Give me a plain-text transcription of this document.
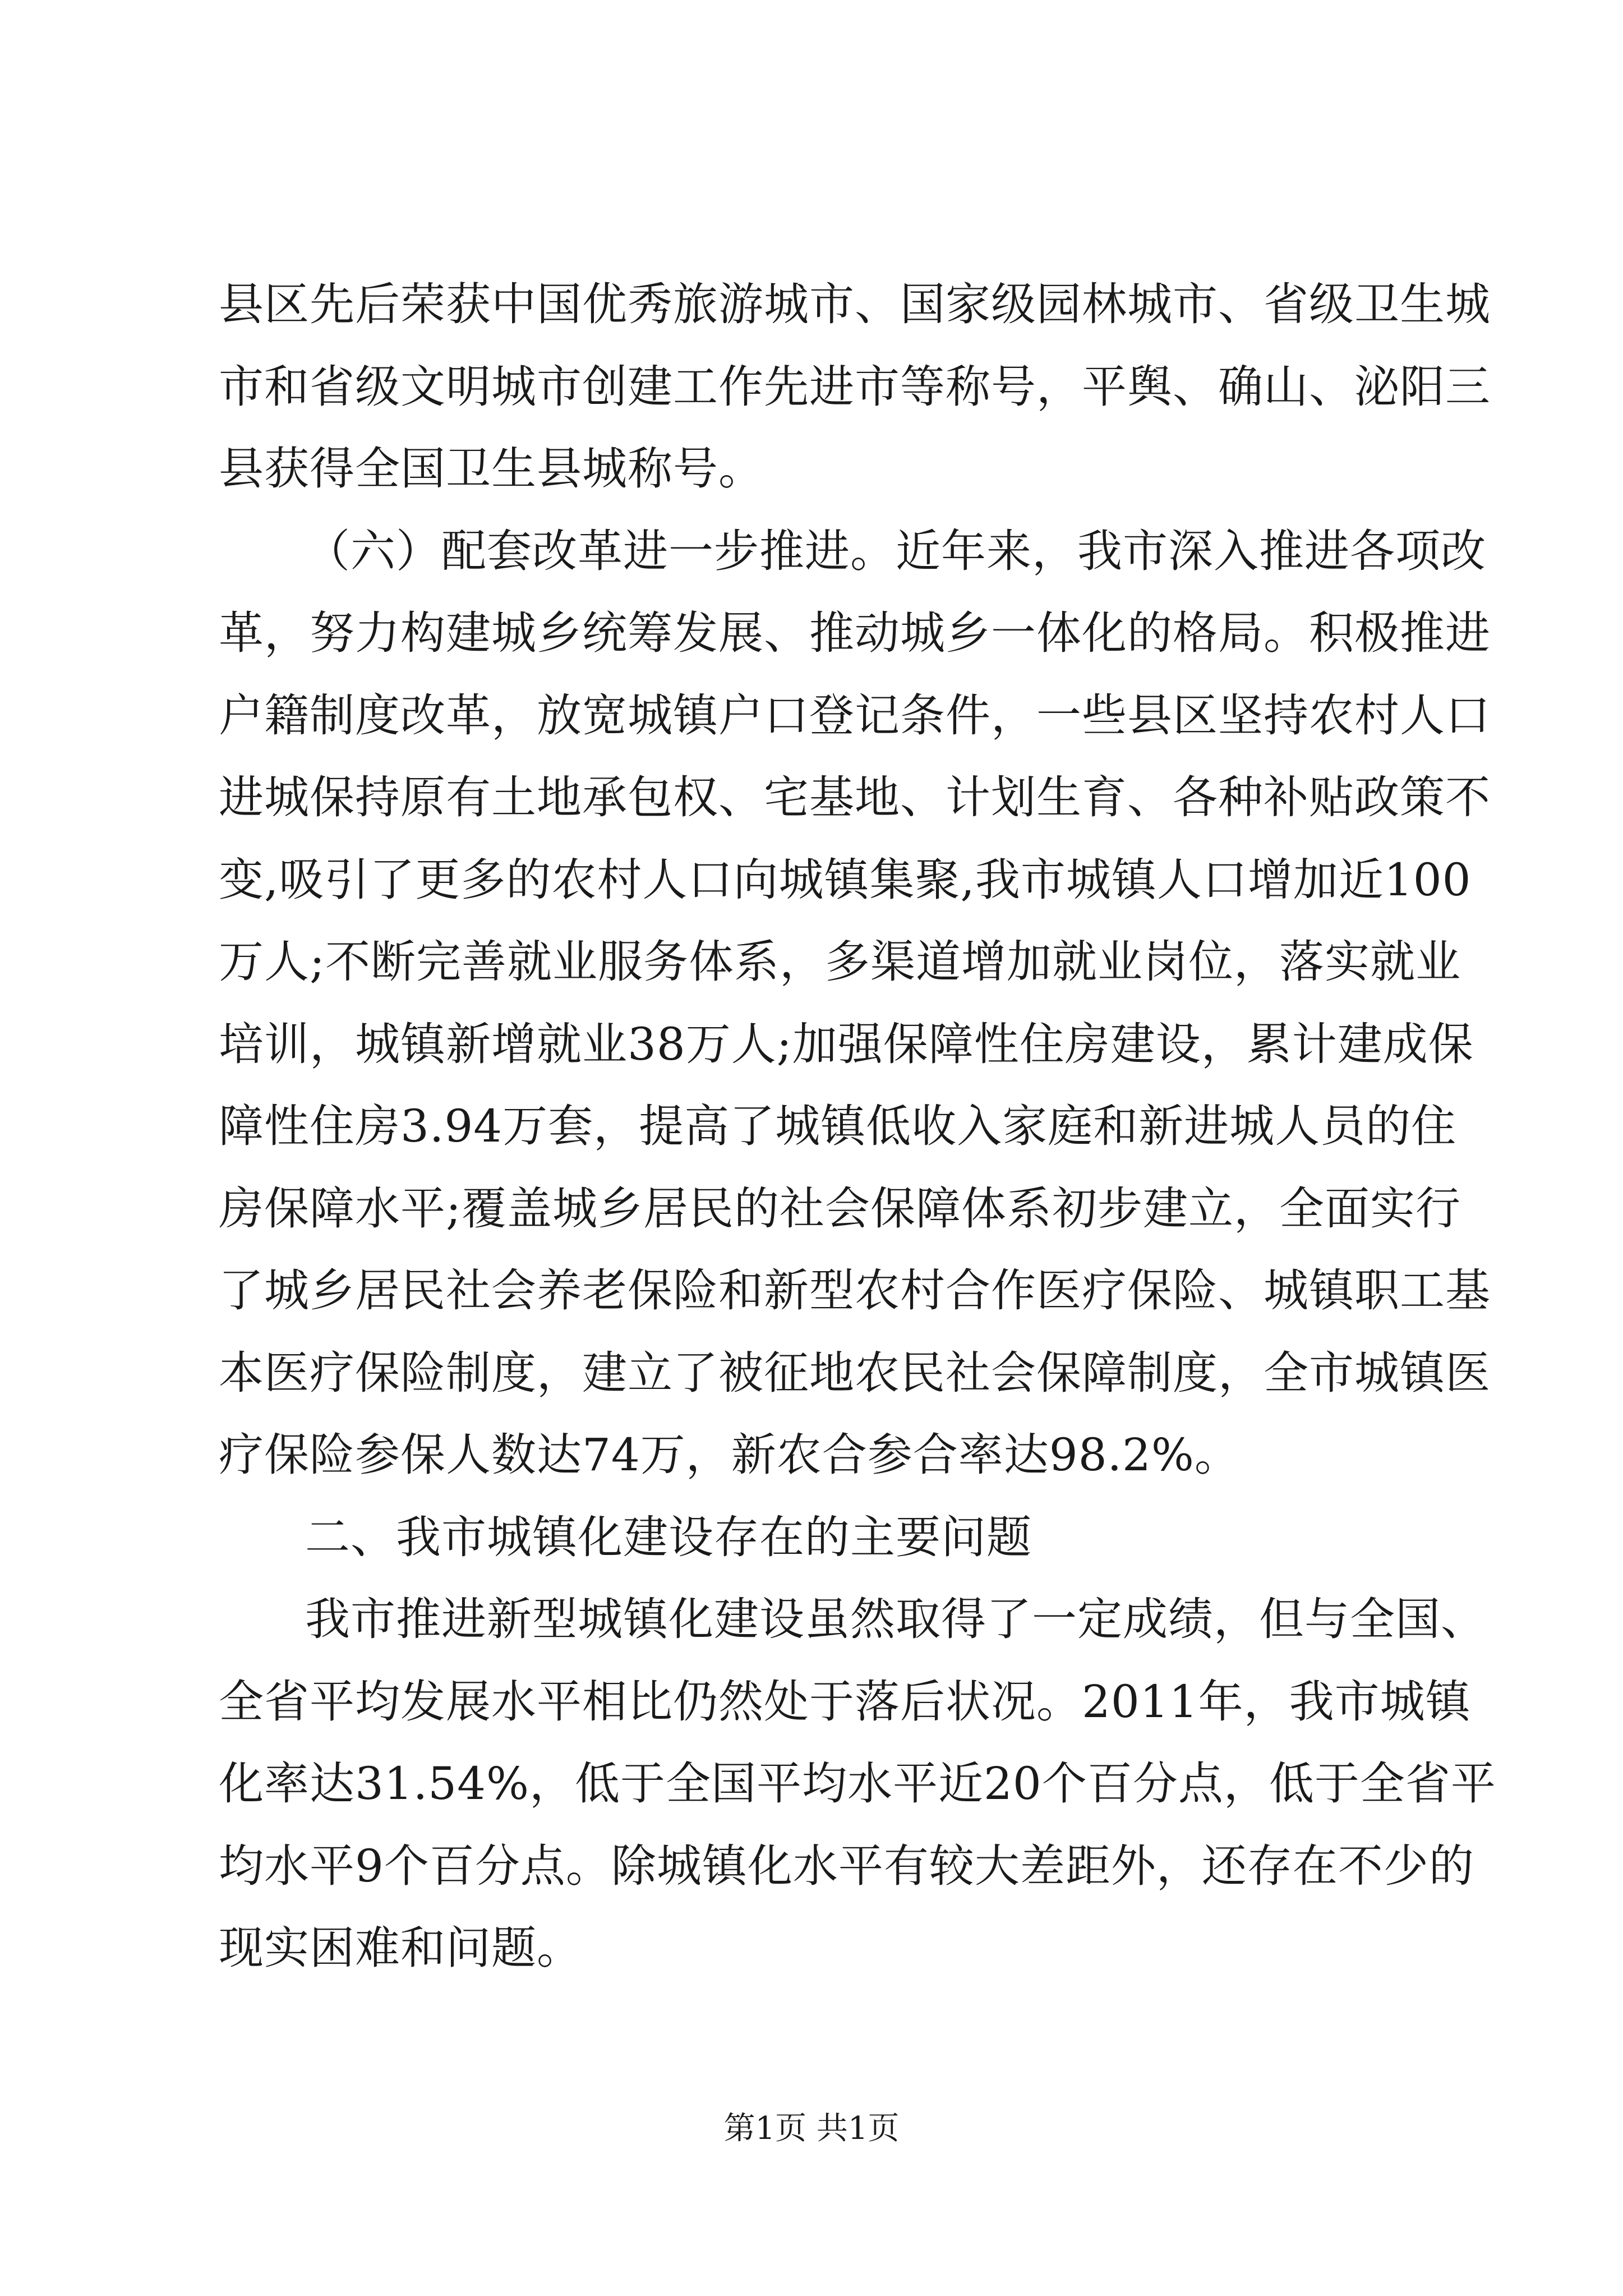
县区先后荣获中国优秀旅游城市、国家级园林城市、省级卫生城
市和省级文明城市创建工作先进市等称号，平舆、确山、泌阳三
县获得全国卫生县城称号。
（六）配套改革进一步推进。近年来，我市深入推进各项改
革，努力构建城乡统筹发展、推动城乡一体化的格局。积极推进
户籍制度改革，放宽城镇户口登记条件，一些县区坚持农村人口
进城保持原有土地承包权、宅基地、计划生育、各种补贴政策不
变,吸引了更多的农村人口向城镇集聚,我市城镇人口增加近100
万人;不断完善就业服务体系，多渠道增加就业岗位，落实就业
培训，城镇新增就业38万人;加强保障性住房建设，累计建成保
障性住房3.94万套，提高了城镇低收入家庭和新进城人员的住
房保障水平;覆盖城乡居民的社会保障体系初步建立，全面实行
了城乡居民社会养老保险和新型农村合作医疗保险、城镇职工基
本医疗保险制度，建立了被征地农民社会保障制度，全市城镇医
疗保险参保人数达74万，新农合参合率达98.2%。
二、我市城镇化建设存在的主要问题
我市推进新型城镇化建设虽然取得了一定成绩，但与全国、
全省平均发展水平相比仍然处于落后状况。2011年，我市城镇
化率达31.54%，低于全国平均水平近20个百分点，低于全省平
均水平9个百分点。除城镇化水平有较大差距外，还存在不少的
现实困难和问题。
第1页 共1页
